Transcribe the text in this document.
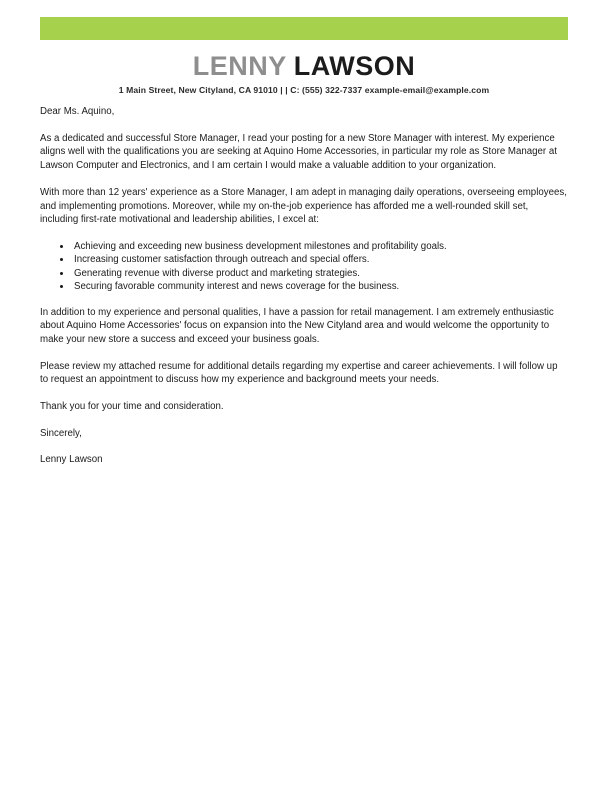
LENNY LAWSON
1 Main Street, New Cityland, CA 91010 | | C: (555) 322-7337 example-email@example.com

Dear Ms. Aquino,

As a dedicated and successful Store Manager, I read your posting for a new Store Manager with interest. My experience aligns well with the qualifications you are seeking at Aquino Home Accessories, in particular my role as Store Manager at Lawson Computer and Electronics, and I am certain I would make a valuable addition to your organization.

With more than 12 years' experience as a Store Manager, I am adept in managing daily operations, overseeing employees, and implementing promotions. Moreover, while my on-the-job experience has afforded me a well-rounded skill set, including first-rate motivational and leadership abilities, I excel at:

• Achieving and exceeding new business development milestones and profitability goals.
• Increasing customer satisfaction through outreach and special offers.
• Generating revenue with diverse product and marketing strategies.
• Securing favorable community interest and news coverage for the business.

In addition to my experience and personal qualities, I have a passion for retail management. I am extremely enthusiastic about Aquino Home Accessories' focus on expansion into the New Cityland area and would welcome the opportunity to make your new store a success and exceed your business goals.

Please review my attached resume for additional details regarding my expertise and career achievements. I will follow up to request an appointment to discuss how my experience and background meets your needs.

Thank you for your time and consideration.

Sincerely,

Lenny Lawson
